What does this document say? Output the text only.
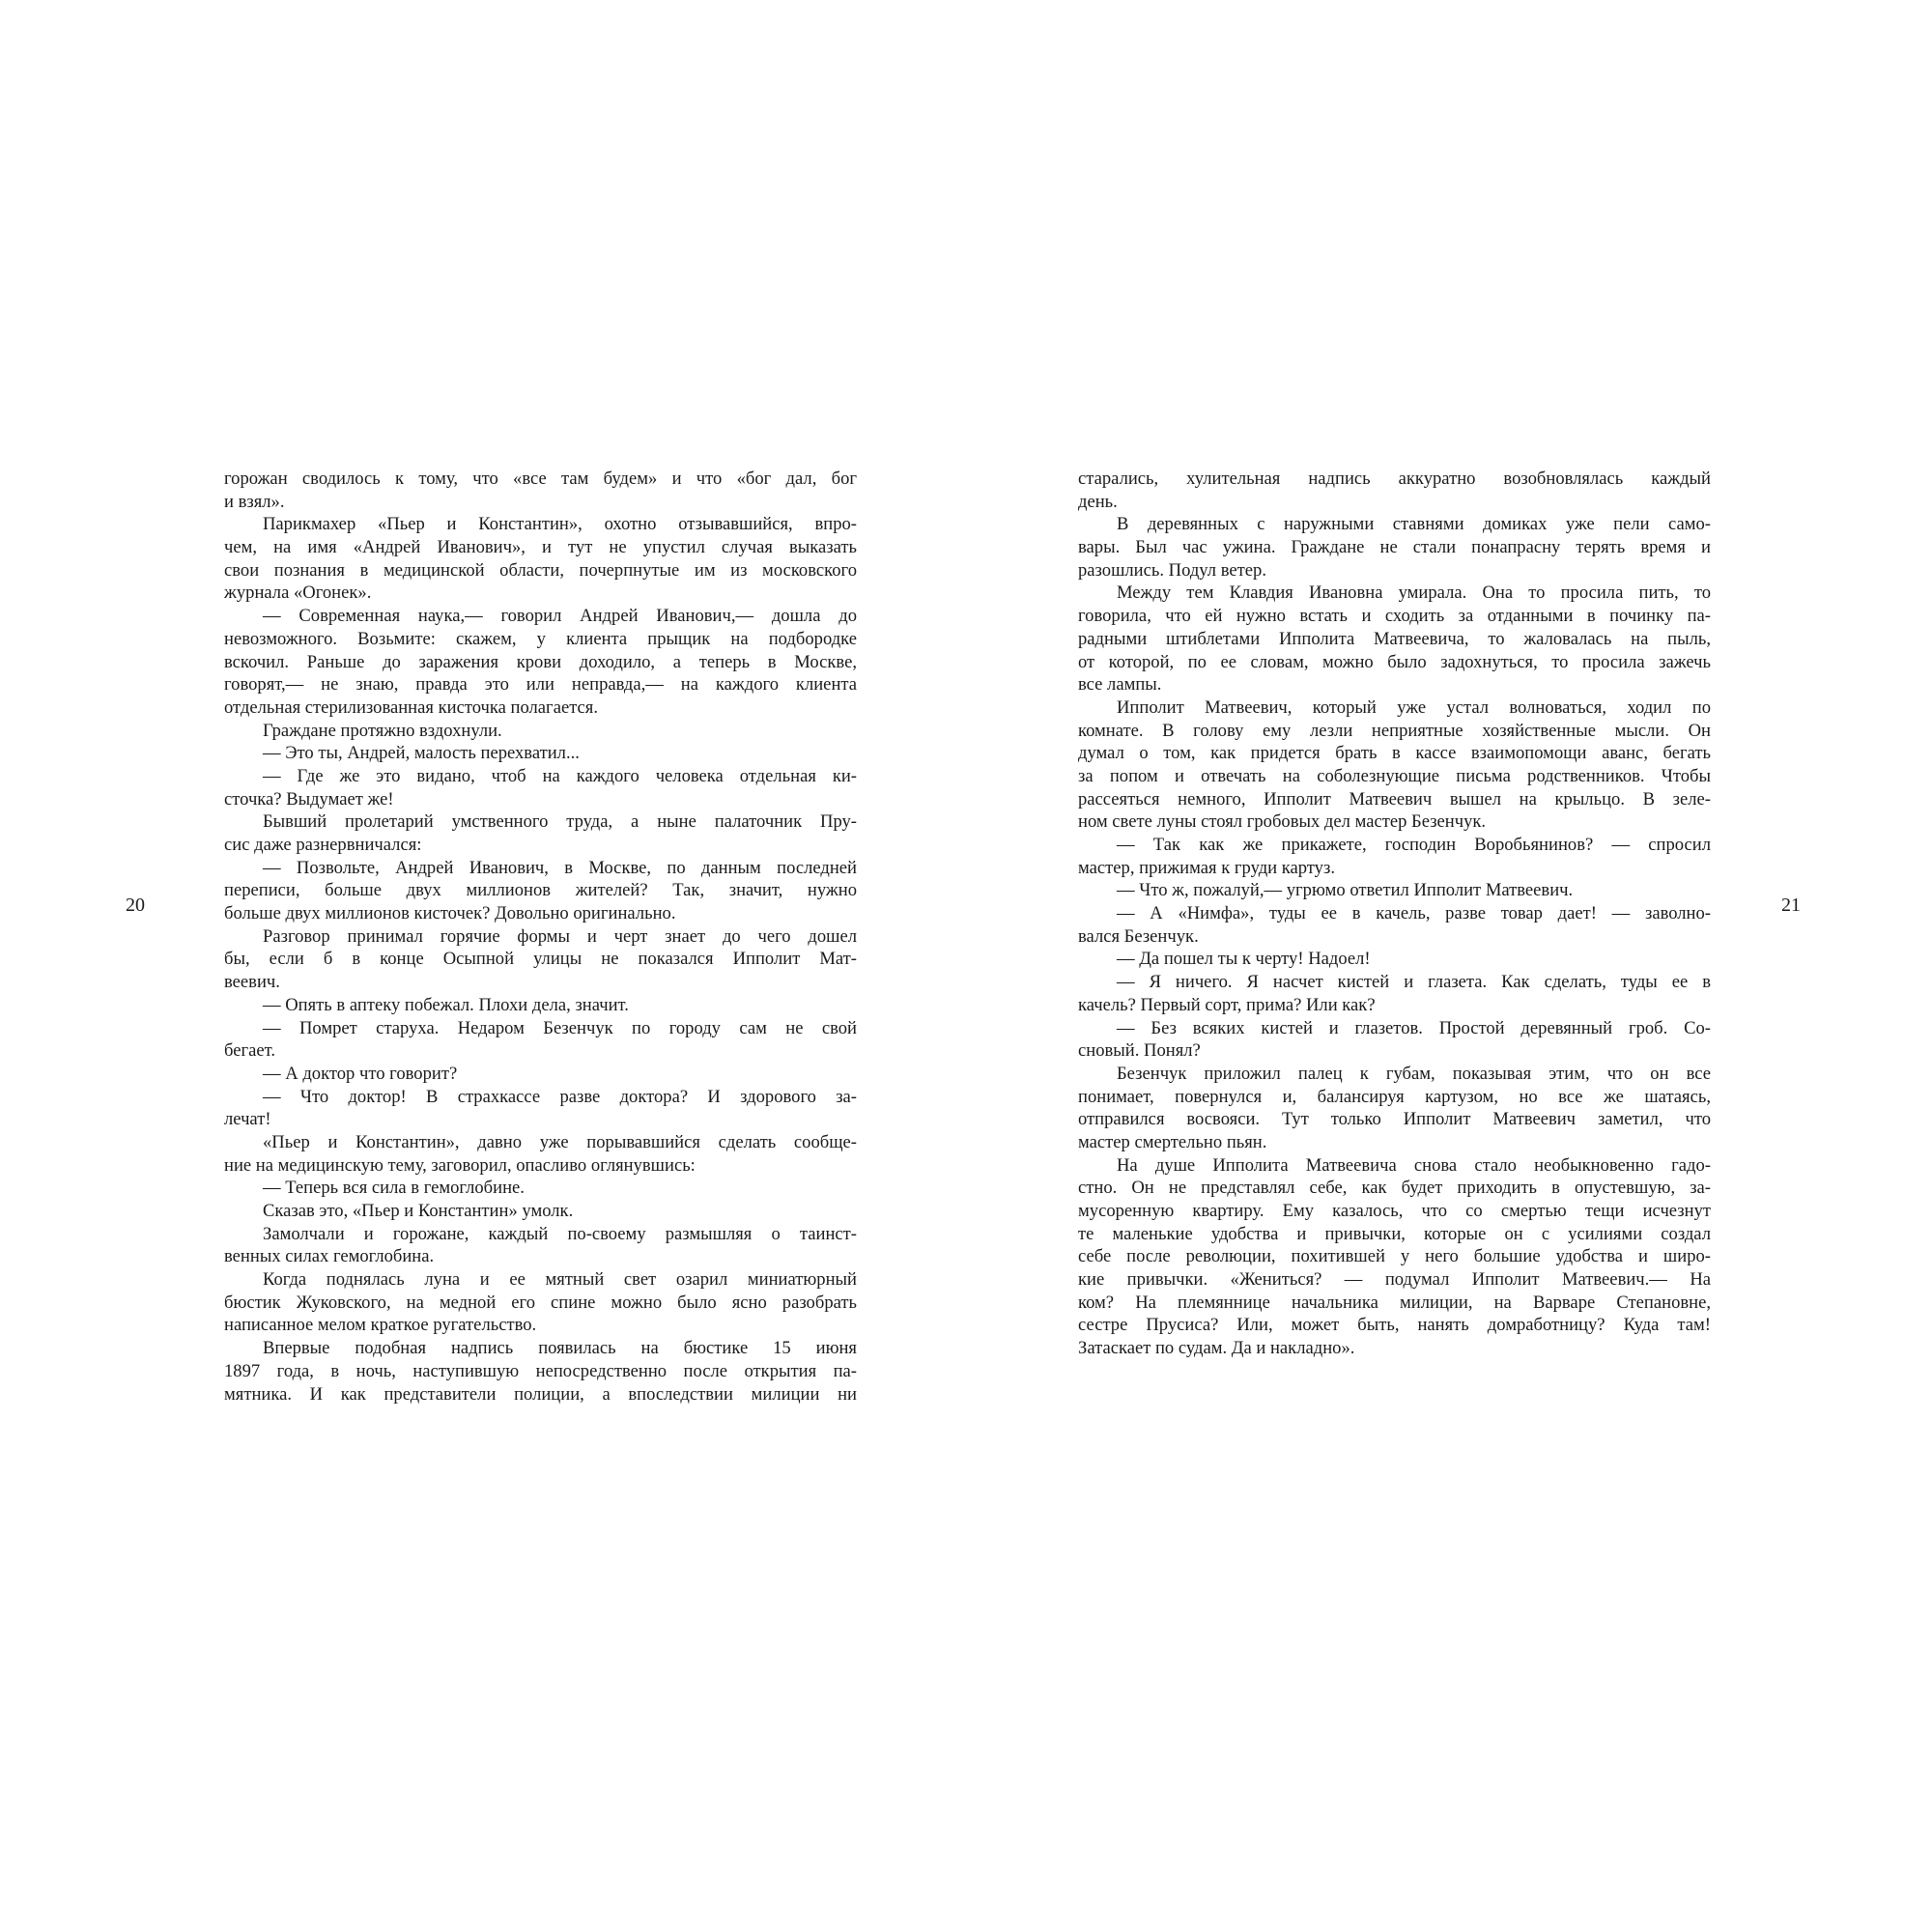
горожан сводилось к тому, что «все там будем» и что «бог дал, бог
и взял».
Парикмахер «Пьер и Константин», охотно отзывавшийся, впро-
чем, на имя «Андрей Иванович», и тут не упустил случая выказать
свои познания в медицинской области, почерпнутые им из московского
журнала «Огонек».
— Современная наука,— говорил Андрей Иванович,— дошла до
невозможного. Возьмите: скажем, у клиента прыщик на подбородке
вскочил. Раньше до заражения крови доходило, а теперь в Москве,
говорят,— не знаю, правда это или неправда,— на каждого клиента
отдельная стерилизованная кисточка полагается.
Граждане протяжно вздохнули.
— Это ты, Андрей, малость перехватил...
— Где же это видано, чтоб на каждого человека отдельная ки-
сточка? Выдумает же!
Бывший пролетарий умственного труда, а ныне палаточник Пру-
сис даже разнервничался:
— Позвольте, Андрей Иванович, в Москве, по данным последней
переписи, больше двух миллионов жителей? Так, значит, нужно
больше двух миллионов кисточек? Довольно оригинально.
Разговор принимал горячие формы и черт знает до чего дошел
бы, если б в конце Осыпной улицы не показался Ипполит Мат-
веевич.
— Опять в аптеку побежал. Плохи дела, значит.
— Помрет старуха. Недаром Безенчук по городу сам не свой
бегает.
— А доктор что говорит?
— Что доктор! В страхкассе разве доктора? И здорового за-
лечат!
«Пьер и Константин», давно уже порывавшийся сделать сообще-
ние на медицинскую тему, заговорил, опасливо оглянувшись:
— Теперь вся сила в гемоглобине.
Сказав это, «Пьер и Константин» умолк.
Замолчали и горожане, каждый по-своему размышляя о таинст-
венных силах гемоглобина.
Когда поднялась луна и ее мятный свет озарил миниатюрный
бюстик Жуковского, на медной его спине можно было ясно разобрать
написанное мелом краткое ругательство.
Впервые подобная надпись появилась на бюстике 15 июня
1897 года, в ночь, наступившую непосредственно после открытия па-
мятника. И как представители полиции, а впоследствии милиции ни
старались, хулительная надпись аккуратно возобновлялась каждый
день.
В деревянных с наружными ставнями домиках уже пели само-
вары. Был час ужина. Граждане не стали понапрасну терять время и
разошлись. Подул ветер.
Между тем Клавдия Ивановна умирала. Она то просила пить, то
говорила, что ей нужно встать и сходить за отданными в починку па-
радными штиблетами Ипполита Матвеевича, то жаловалась на пыль,
от которой, по ее словам, можно было задохнуться, то просила зажечь
все лампы.
Ипполит Матвеевич, который уже устал волноваться, ходил по
комнате. В голову ему лезли неприятные хозяйственные мысли. Он
думал о том, как придется брать в кассе взаимопомощи аванс, бегать
за попом и отвечать на соболезнующие письма родственников. Чтобы
рассеяться немного, Ипполит Матвеевич вышел на крыльцо. В зеле-
ном свете луны стоял гробовых дел мастер Безенчук.
— Так как же прикажете, господин Воробьянинов? — спросил
мастер, прижимая к груди картуз.
— Что ж, пожалуй,— угрюмо ответил Ипполит Матвеевич.
— А «Нимфа», туды ее в качель, разве товар дает! — заволно-
вался Безенчук.
— Да пошел ты к черту! Надоел!
— Я ничего. Я насчет кистей и глазета. Как сделать, туды ее в
качель? Первый сорт, прима? Или как?
— Без всяких кистей и глазетов. Простой деревянный гроб. Со-
сновый. Понял?
Безенчук приложил палец к губам, показывая этим, что он все
понимает, повернулся и, балансируя картузом, но все же шатаясь,
отправился восвояси. Тут только Ипполит Матвеевич заметил, что
мастер смертельно пьян.
На душе Ипполита Матвеевича снова стало необыкновенно гадо-
стно. Он не представлял себе, как будет приходить в опустевшую, за-
мусоренную квартиру. Ему казалось, что со смертью тещи исчезнут
те маленькие удобства и привычки, которые он с усилиями создал
себе после революции, похитившей у него большие удобства и широ-
кие привычки. «Жениться? — подумал Ипполит Матвеевич.— На
ком? На племяннице начальника милиции, на Варваре Степановне,
сестре Прусиса? Или, может быть, нанять домработницу? Куда там!
Затаскает по судам. Да и накладно».
20	21
